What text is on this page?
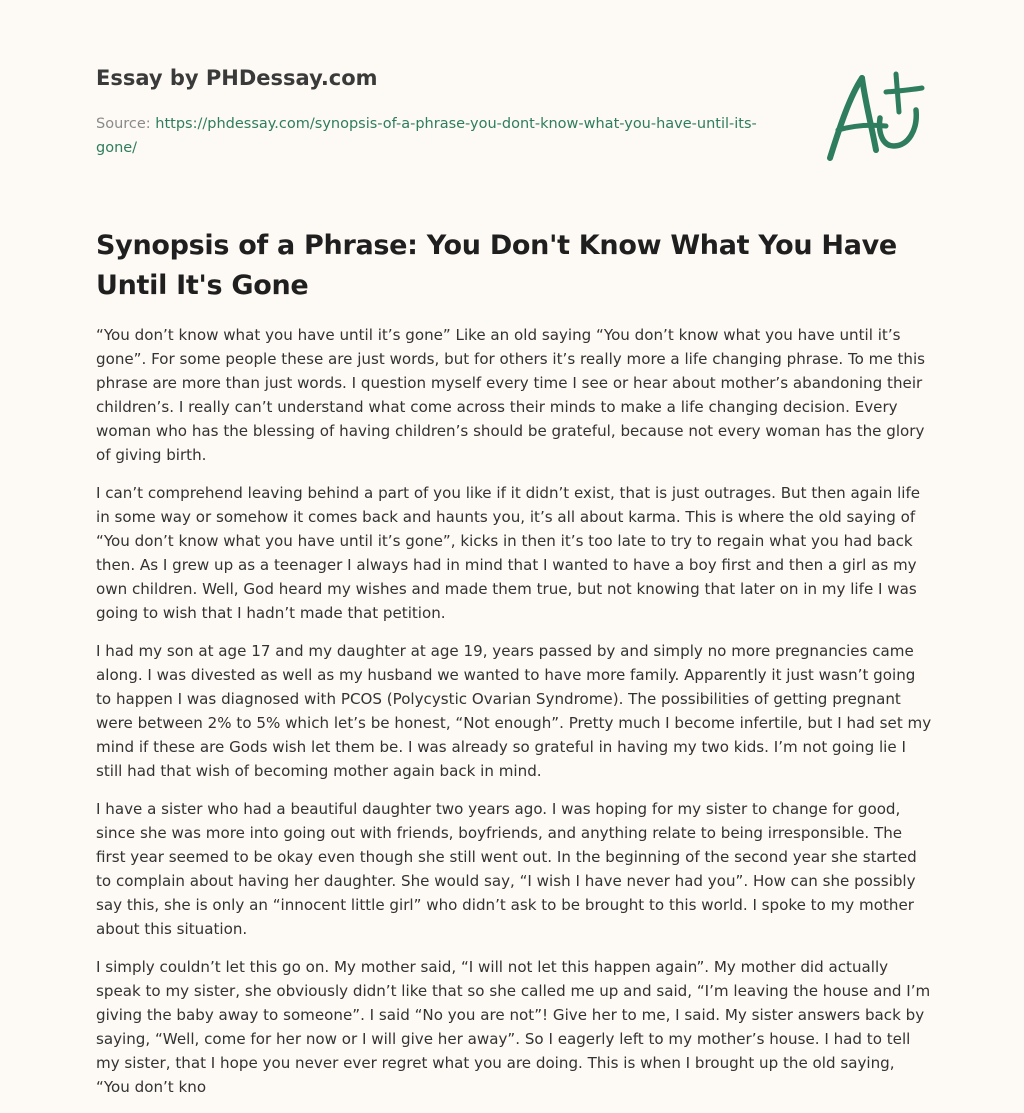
Essay by PHDessay.com
Source: https://phdessay.com/synopsis-of-a-phrase-you-dont-know-what-you-have-until-its-gone/
Synopsis of a Phrase: You Don't Know What You Have Until It's Gone

“You don’t know what you have until it’s gone” Like an old saying “You don’t know what you have until it’s gone”. For some people these are just words, but for others it’s really more a life changing phrase. To me this phrase are more than just words. I question myself every time I see or hear about mother’s abandoning their children’s. I really can’t understand what come across their minds to make a life changing decision. Every woman who has the blessing of having children’s should be grateful, because not every woman has the glory of giving birth.

I can’t comprehend leaving behind a part of you like if it didn’t exist, that is just outrages. But then again life in some way or somehow it comes back and haunts you, it’s all about karma. This is where the old saying of “You don’t know what you have until it’s gone”, kicks in then it’s too late to try to regain what you had back then. As I grew up as a teenager I always had in mind that I wanted to have a boy first and then a girl as my own children. Well, God heard my wishes and made them true, but not knowing that later on in my life I was going to wish that I hadn’t made that petition.

I had my son at age 17 and my daughter at age 19, years passed by and simply no more pregnancies came along. I was divested as well as my husband we wanted to have more family. Apparently it just wasn’t going to happen I was diagnosed with PCOS (Polycystic Ovarian Syndrome). The possibilities of getting pregnant were between 2% to 5% which let’s be honest, “Not enough”. Pretty much I become infertile, but I had set my mind if these are Gods wish let them be. I was already so grateful in having my two kids. I’m not going lie I still had that wish of becoming mother again back in mind.

I have a sister who had a beautiful daughter two years ago. I was hoping for my sister to change for good, since she was more into going out with friends, boyfriends, and anything relate to being irresponsible. The first year seemed to be okay even though she still went out. In the beginning of the second year she started to complain about having her daughter. She would say, “I wish I have never had you”. How can she possibly say this, she is only an “innocent little girl” who didn’t ask to be brought to this world. I spoke to my mother about this situation.

I simply couldn’t let this go on. My mother said, “I will not let this happen again”. My mother did actually speak to my sister, she obviously didn’t like that so she called me up and said, “I’m leaving the house and I’m giving the baby away to someone”. I said “No you are not”! Give her to me, I said. My sister answers back by saying, “Well, come for her now or I will give her away”. So I eagerly left to my mother’s house. I had to tell my sister, that I hope you never ever regret what you are doing. This is when I brought up the old saying, “You don’t kno
